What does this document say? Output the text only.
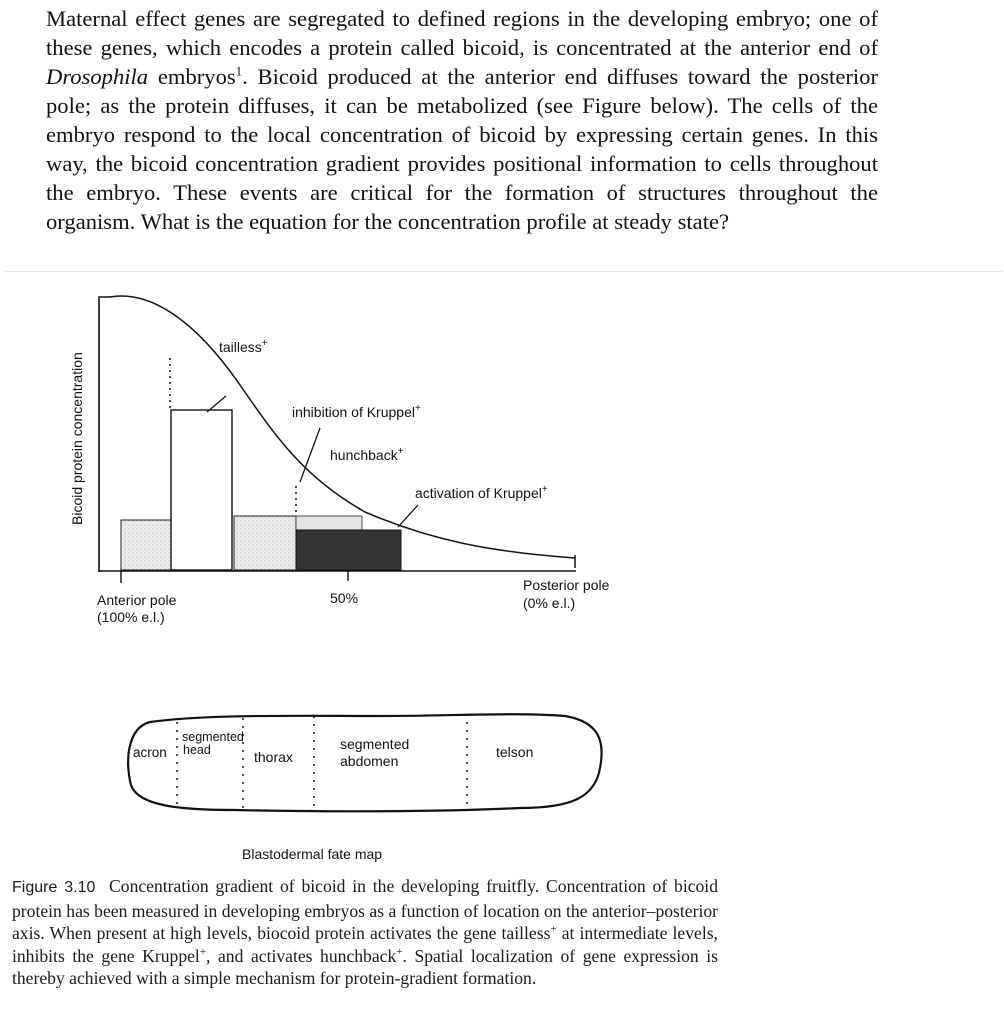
Maternal effect genes are segregated to defined regions in the developing embryo; one of these genes, which encodes a protein called bicoid, is concentrated at the anterior end of Drosophila embryos$^1$. Bicoid produced at the anterior end diffuses toward the posterior pole; as the protein diffuses, it can be metabolized (see Figure below). The cells of the embryo respond to the local concentration of bicoid by expressing certain genes. In this way, the bicoid concentration gradient provides positional information to cells throughout the embryo. These events are critical for the formation of structures throughout the organism. What is the equation for the concentration profile at steady state?

Bicoid protein concentration
tailless+
inhibition of Kruppel+
hunchback+
activation of Kruppel+
Anterior pole
(100% e.l.)
50%
Posterior pole
(0% e.l.)
acron
segmented
head	thorax
segmented
abdomen
telson
Blastodermal fate map

Figure 3.10 Concentration gradient of bicoid in the developing fruitfly. Concentration of bicoid protein has been measured in developing embryos as a function of location on the anterior–posterior axis. When present at high levels, biocoid protein activates the gene tailless+ at intermediate levels, inhibits the gene Kruppel+, and activates hunchback+. Spatial localization of gene expression is thereby achieved with a simple mechanism for protein-gradient formation.
